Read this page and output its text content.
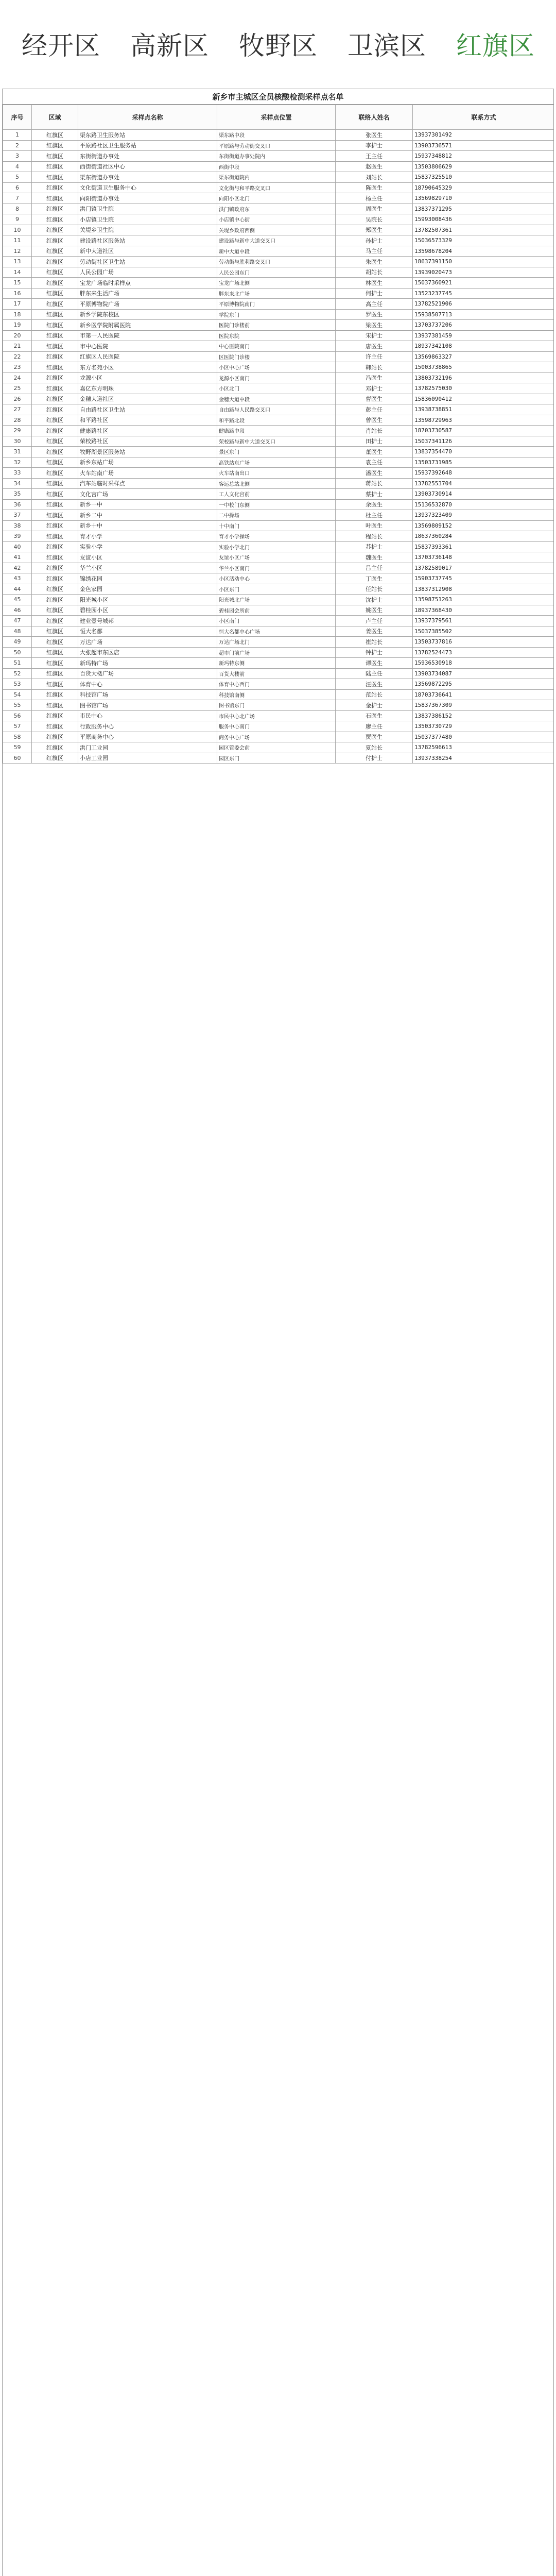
经开区 高新区 牧野区 卫滨区 红旗区
新乡市主城区全员核酸检测采样点名单
序号	区域	采样点名称	采样点位置	联络人姓名	联系方式
1	红旗区	渠东路卫生服务站	渠东路中段	张医生	13937301492
2	红旗区	平原路社区卫生服务站	平原路与劳动街交叉口	李护士	13903736571
3	红旗区	东街街道办事处	东街街道办事处院内	王主任	15937348812
4	红旗区	西街街道社区中心	西街中段	赵医生	13503806629
5	红旗区	渠东街道办事处	渠东街道院内	刘站长	15837325510
6	红旗区	文化街道卫生服务中心	文化街与和平路交叉口	陈医生	18790645329
7	红旗区	向阳街道办事处	向阳小区北门	杨主任	13569829710
8	红旗区	洪门镇卫生院	洪门镇政府东	周医生	13837371295
9	红旗区	小店镇卫生院	小店镇中心街	吴院长	15993008436
10	红旗区	关堤乡卫生院	关堤乡政府西侧	郑医生	13782507361
11	红旗区	建设路社区服务站	建设路与新中大道交叉口	孙护士	15036573329
12	红旗区	新中大道社区	新中大道中段	马主任	13598678204
13	红旗区	劳动街社区卫生站	劳动街与胜利路交叉口	朱医生	18637391150
14	红旗区	人民公园广场	人民公园东门	胡站长	13939020473
15	红旗区	宝龙广场临时采样点	宝龙广场北侧	林医生	15037360921
16	红旗区	胖东来生活广场	胖东来北广场	何护士	13523237745
17	红旗区	平原博物院广场	平原博物院南门	高主任	13782521906
18	红旗区	新乡学院东校区	学院东门	罗医生	15938507713
19	红旗区	新乡医学院附属医院	医院门诊楼前	梁医生	13703737206
20	红旗区	市第一人民医院	医院东院	宋护士	13937381459
21	红旗区	市中心医院	中心医院南门	唐医生	18937342108
22	红旗区	红旗区人民医院	区医院门诊楼	许主任	13569863327
23	红旗区	东方名苑小区	小区中心广场	韩站长	15003738865
24	红旗区	龙源小区	龙源小区南门	冯医生	13803732196
25	红旗区	嘉亿东方明珠	小区北门	邓护士	13782575030
26	红旗区	金穗大道社区	金穗大道中段	曹医生	15836090412
27	红旗区	自由路社区卫生站	自由路与人民路交叉口	彭主任	13938738851
28	红旗区	和平路社区	和平路北段	曾医生	13598729963
29	红旗区	健康路社区	健康路中段	肖站长	18703730587
30	红旗区	荣校路社区	荣校路与新中大道交叉口	田护士	15037341126
31	红旗区	牧野湖景区服务站	景区东门	董医生	13837354470
32	红旗区	新乡东站广场	高铁站东广场	袁主任	13503731985
33	红旗区	火车站南广场	火车站南出口	潘医生	15937392648
34	红旗区	汽车站临时采样点	客运总站北侧	蒋站长	13782553704
35	红旗区	文化宫广场	工人文化宫前	蔡护士	13903730914
36	红旗区	新乡一中	一中校门东侧	余医生	15136532870
37	红旗区	新乡二中	二中操场	杜主任	13937323409
38	红旗区	新乡十中	十中南门	叶医生	13569809152
39	红旗区	育才小学	育才小学操场	程站长	18637360284
40	红旗区	实验小学	实验小学北门	苏护士	15837393361
41	红旗区	友谊小区	友谊小区广场	魏医生	13703736148
42	红旗区	华兰小区	华兰小区南门	吕主任	13782589017
43	红旗区	锦绣花园	小区活动中心	丁医生	15903737745
44	红旗区	金色家园	小区东门	任站长	13837312908
45	红旗区	阳光城小区	阳光城北广场	沈护士	13598751263
46	红旗区	碧桂园小区	碧桂园会所前	姚医生	18937368430
47	红旗区	建业壹号城邦	小区南门	卢主任	13937379561
48	红旗区	恒大名都	恒大名都中心广场	姜医生	15037385502
49	红旗区	万达广场	万达广场北门	崔站长	13503737816
50	红旗区	大张超市东区店	超市门前广场	钟护士	13782524473
51	红旗区	新玛特广场	新玛特东侧	谭医生	15936530918
52	红旗区	百货大楼广场	百货大楼前	陆主任	13903734087
53	红旗区	体育中心	体育中心西门	汪医生	13569872295
54	红旗区	科技馆广场	科技馆南侧	范站长	18703736641
55	红旗区	图书馆广场	图书馆东门	金护士	15837367309
56	红旗区	市民中心	市民中心北广场	石医生	13837386152
57	红旗区	行政服务中心	服务中心南门	廖主任	13503730729
58	红旗区	平原商务中心	商务中心广场	贾医生	15037377480
59	红旗区	洪门工业园	园区管委会前	夏站长	13782596613
60	红旗区	小店工业园	园区东门	付护士	13937338254
